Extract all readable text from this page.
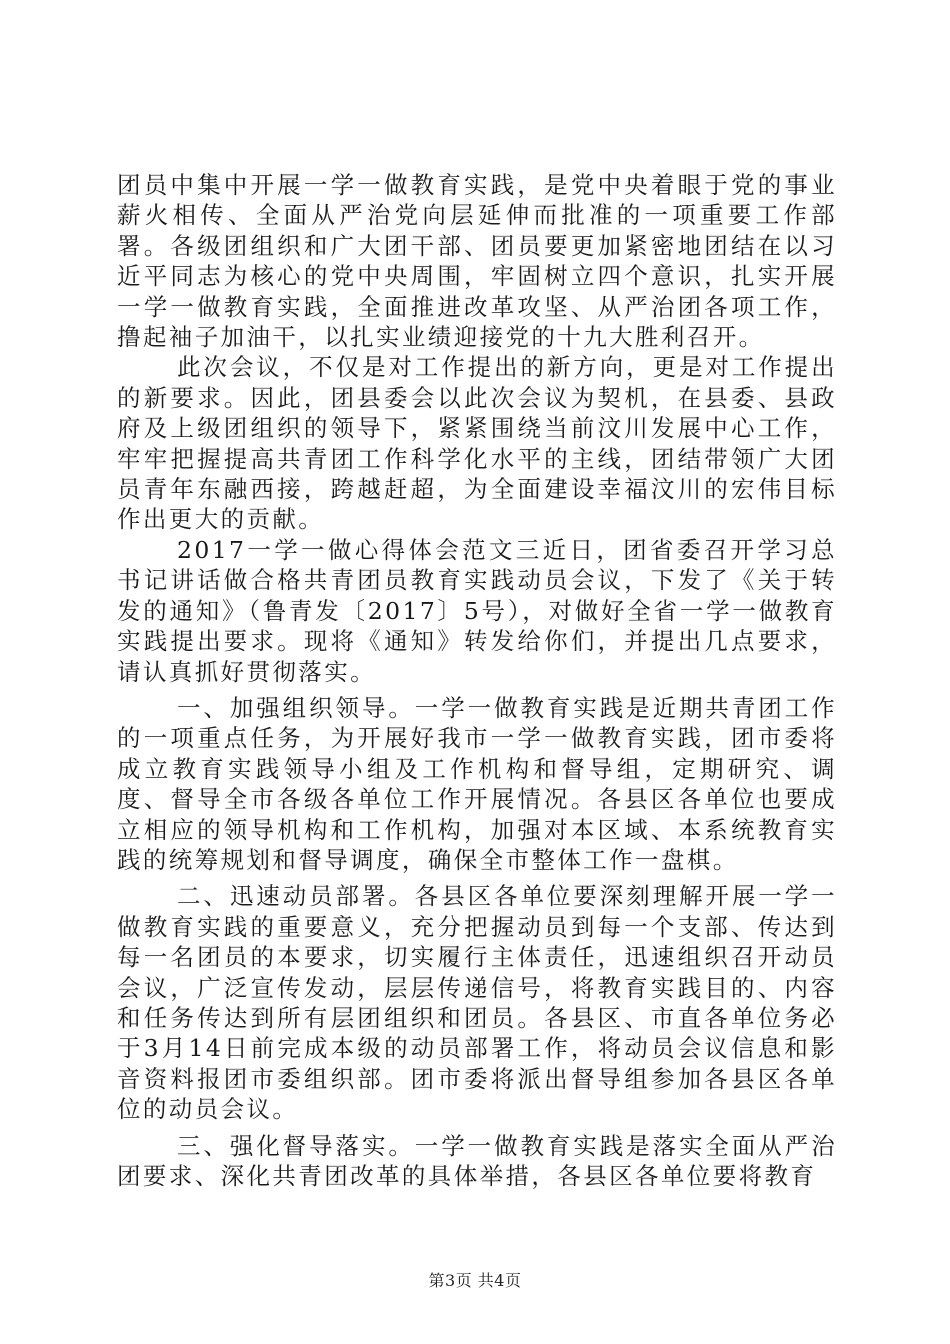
团员中集中开展一学一做教育实践，是党中央着眼于党的事业薪火相传、全面从严治党向层延伸而批准的一项重要工作部署。各级团组织和广大团干部、团员要更加紧密地团结在以习近平同志为核心的党中央周围，牢固树立四个意识，扎实开展一学一做教育实践，全面推进改革攻坚、从严治团各项工作，撸起袖子加油干，以扎实业绩迎接党的十九大胜利召开。

此次会议，不仅是对工作提出的新方向，更是对工作提出的新要求。因此，团县委会以此次会议为契机，在县委、县政府及上级团组织的领导下，紧紧围绕当前汶川发展中心工作，牢牢把握提高共青团工作科学化水平的主线，团结带领广大团员青年东融西接，跨越赶超，为全面建设幸福汶川的宏伟目标作出更大的贡献。

2017一学一做心得体会范文三近日，团省委召开学习总书记讲话做合格共青团员教育实践动员会议，下发了《关于转发的通知》（鲁青发〔2017〕5号），对做好全省一学一做教育实践提出要求。现将《通知》转发给你们，并提出几点要求，请认真抓好贯彻落实。

一、加强组织领导。一学一做教育实践是近期共青团工作的一项重点任务，为开展好我市一学一做教育实践，团市委将成立教育实践领导小组及工作机构和督导组，定期研究、调度、督导全市各级各单位工作开展情况。各县区各单位也要成立相应的领导机构和工作机构，加强对本区域、本系统教育实践的统筹规划和督导调度，确保全市整体工作一盘棋。

二、迅速动员部署。各县区各单位要深刻理解开展一学一做教育实践的重要意义，充分把握动员到每一个支部、传达到每一名团员的本要求，切实履行主体责任，迅速组织召开动员会议，广泛宣传发动，层层传递信号，将教育实践目的、内容和任务传达到所有层团组织和团员。各县区、市直各单位务必于3月14日前完成本级的动员部署工作，将动员会议信息和影音资料报团市委组织部。团市委将派出督导组参加各县区各单位的动员会议。

三、强化督导落实。一学一做教育实践是落实全面从严治团要求、深化共青团改革的具体举措，各县区各单位要将教育

第3页 共4页
